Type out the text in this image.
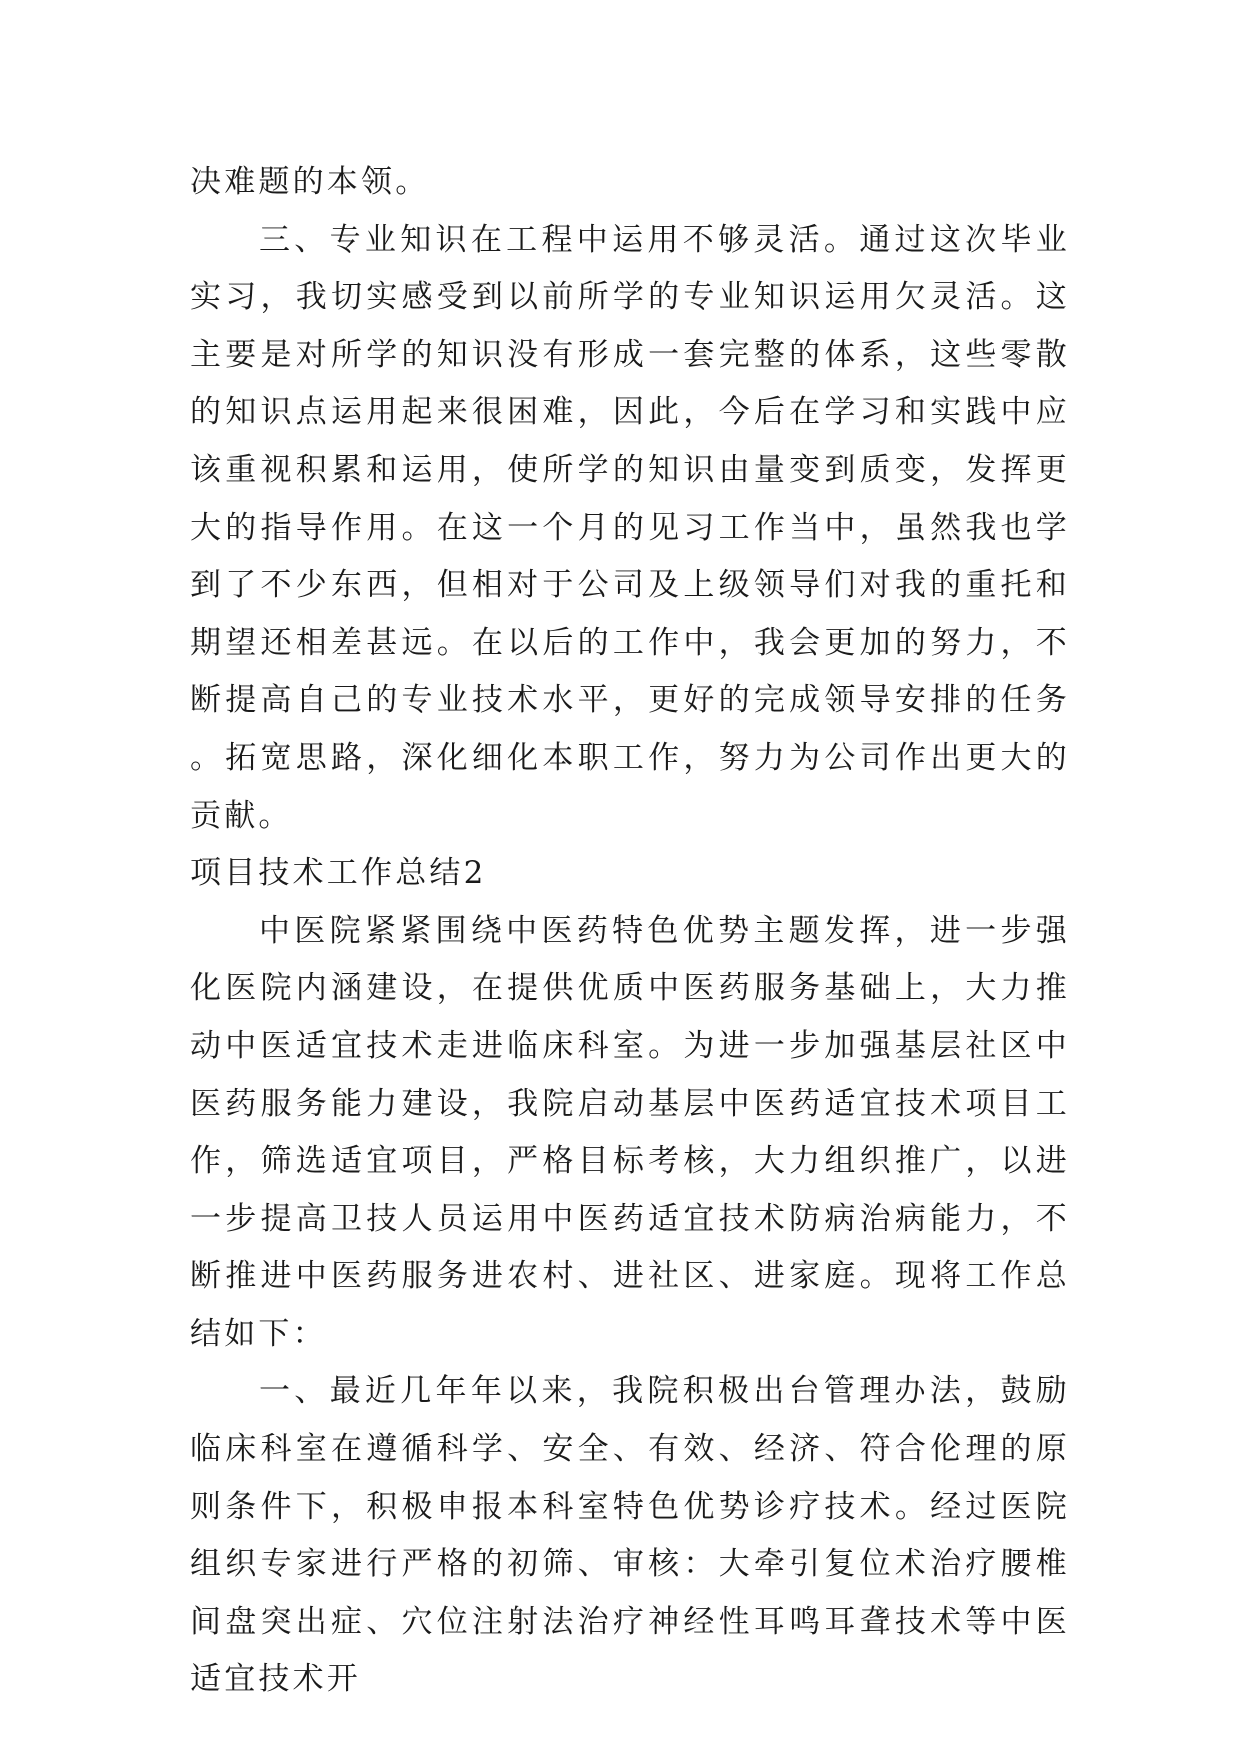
决难题的本领。

三、专业知识在工程中运用不够灵活。通过这次毕业实习，我切实感受到以前所学的专业知识运用欠灵活。这主要是对所学的知识没有形成一套完整的体系，这些零散的知识点运用起来很困难，因此，今后在学习和实践中应该重视积累和运用，使所学的知识由量变到质变，发挥更大的指导作用。在这一个月的见习工作当中，虽然我也学到了不少东西，但相对于公司及上级领导们对我的重托和期望还相差甚远。在以后的工作中，我会更加的努力，不断提高自己的专业技术水平，更好的完成领导安排的任务。拓宽思路，深化细化本职工作，努力为公司作出更大的贡献。

项目技术工作总结2

中医院紧紧围绕中医药特色优势主题发挥，进一步强化医院内涵建设，在提供优质中医药服务基础上，大力推动中医适宜技术走进临床科室。为进一步加强基层社区中医药服务能力建设，我院启动基层中医药适宜技术项目工作，筛选适宜项目，严格目标考核，大力组织推广，以进一步提高卫技人员运用中医药适宜技术防病治病能力，不断推进中医药服务进农村、进社区、进家庭。现将工作总结如下：

一、最近几年年以来，我院积极出台管理办法，鼓励临床科室在遵循科学、安全、有效、经济、符合伦理的原则条件下，积极申报本科室特色优势诊疗技术。经过医院组织专家进行严格的初筛、审核：大牵引复位术治疗腰椎间盘突出症、穴位注射法治疗神经性耳鸣耳聋技术等中医适宜技术开
